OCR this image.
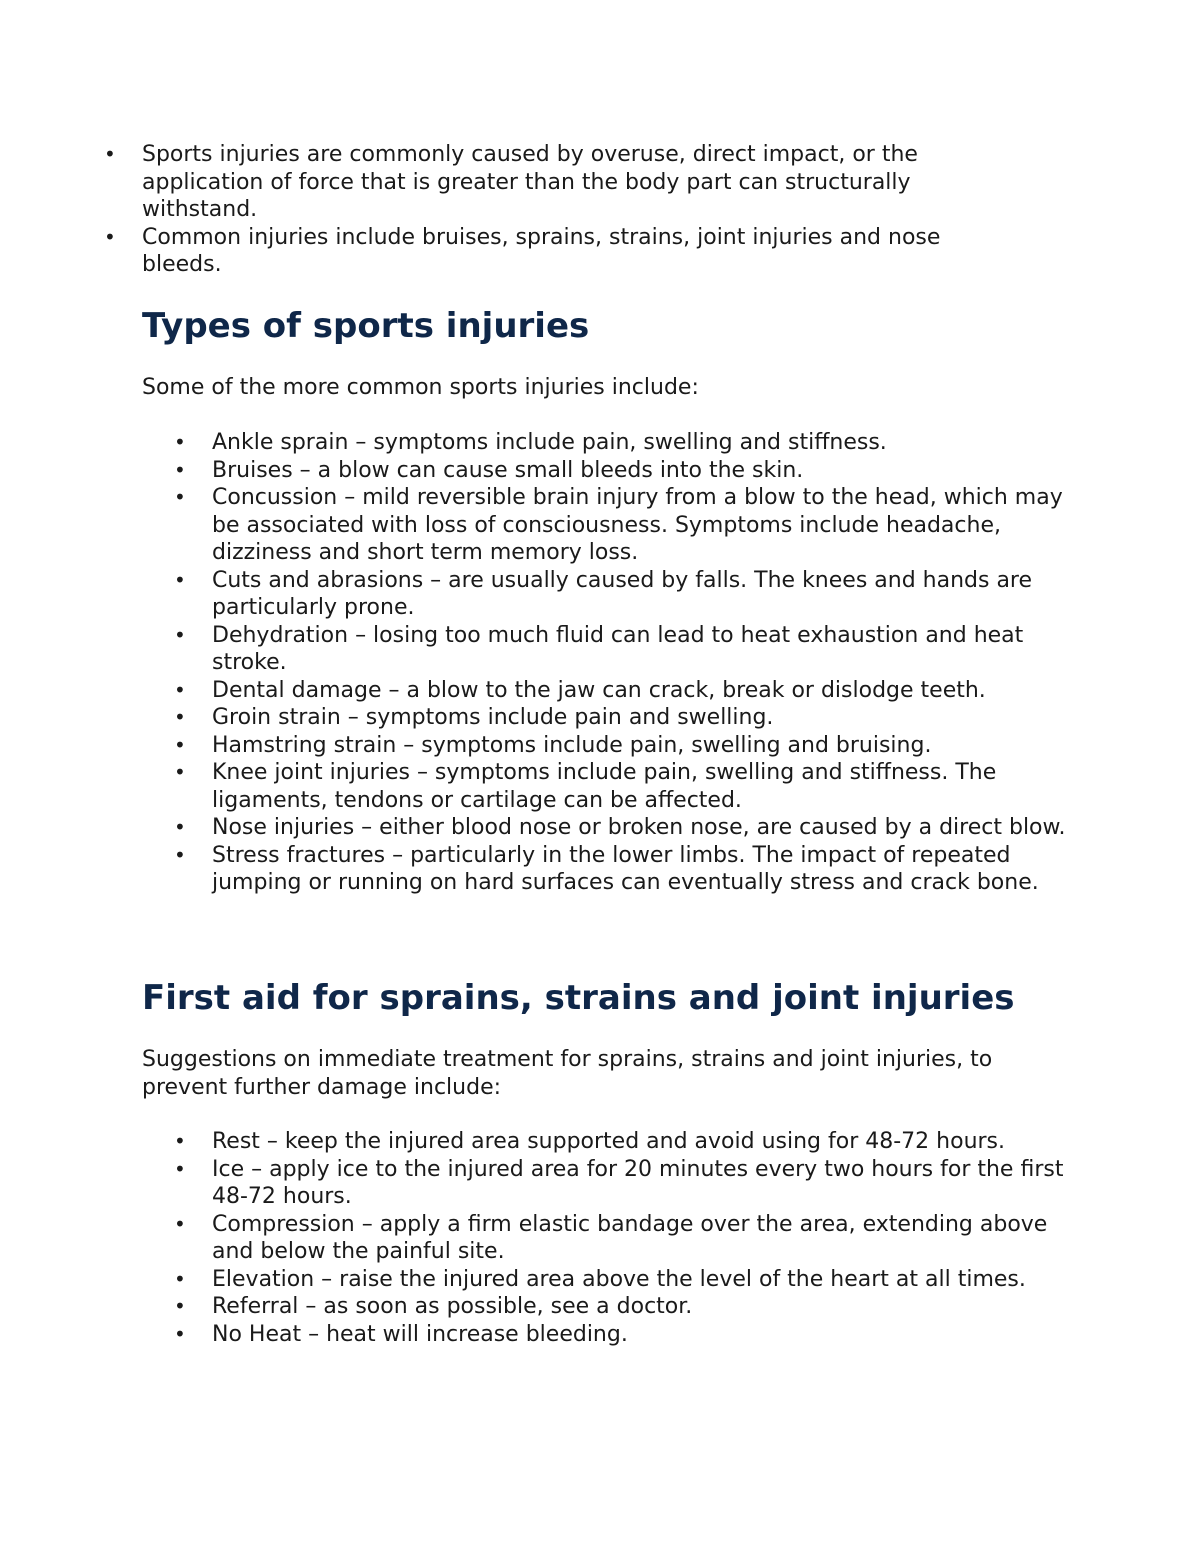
• Sports injuries are commonly caused by overuse, direct impact, or the application of force that is greater than the body part can structurally withstand.
• Common injuries include bruises, sprains, strains, joint injuries and nose bleeds.
Types of sports injuries

Some of the more common sports injuries include:

• Ankle sprain – symptoms include pain, swelling and stiffness.
• Bruises – a blow can cause small bleeds into the skin.
• Concussion – mild reversible brain injury from a blow to the head, which may be associated with loss of consciousness. Symptoms include headache, dizziness and short term memory loss.
• Cuts and abrasions – are usually caused by falls. The knees and hands are particularly prone.
• Dehydration – losing too much fluid can lead to heat exhaustion and heat stroke.
• Dental damage – a blow to the jaw can crack, break or dislodge teeth.
• Groin strain – symptoms include pain and swelling.
• Hamstring strain – symptoms include pain, swelling and bruising.
• Knee joint injuries – symptoms include pain, swelling and stiffness. The ligaments, tendons or cartilage can be affected.
• Nose injuries – either blood nose or broken nose, are caused by a direct blow.
• Stress fractures – particularly in the lower limbs. The impact of repeated jumping or running on hard surfaces can eventually stress and crack bone.
First aid for sprains, strains and joint injuries

Suggestions on immediate treatment for sprains, strains and joint injuries, to prevent further damage include:

• Rest – keep the injured area supported and avoid using for 48-72 hours.
• Ice – apply ice to the injured area for 20 minutes every two hours for the first 48-72 hours.
• Compression – apply a firm elastic bandage over the area, extending above and below the painful site.
• Elevation – raise the injured area above the level of the heart at all times.
• Referral – as soon as possible, see a doctor.
• No Heat – heat will increase bleeding.
